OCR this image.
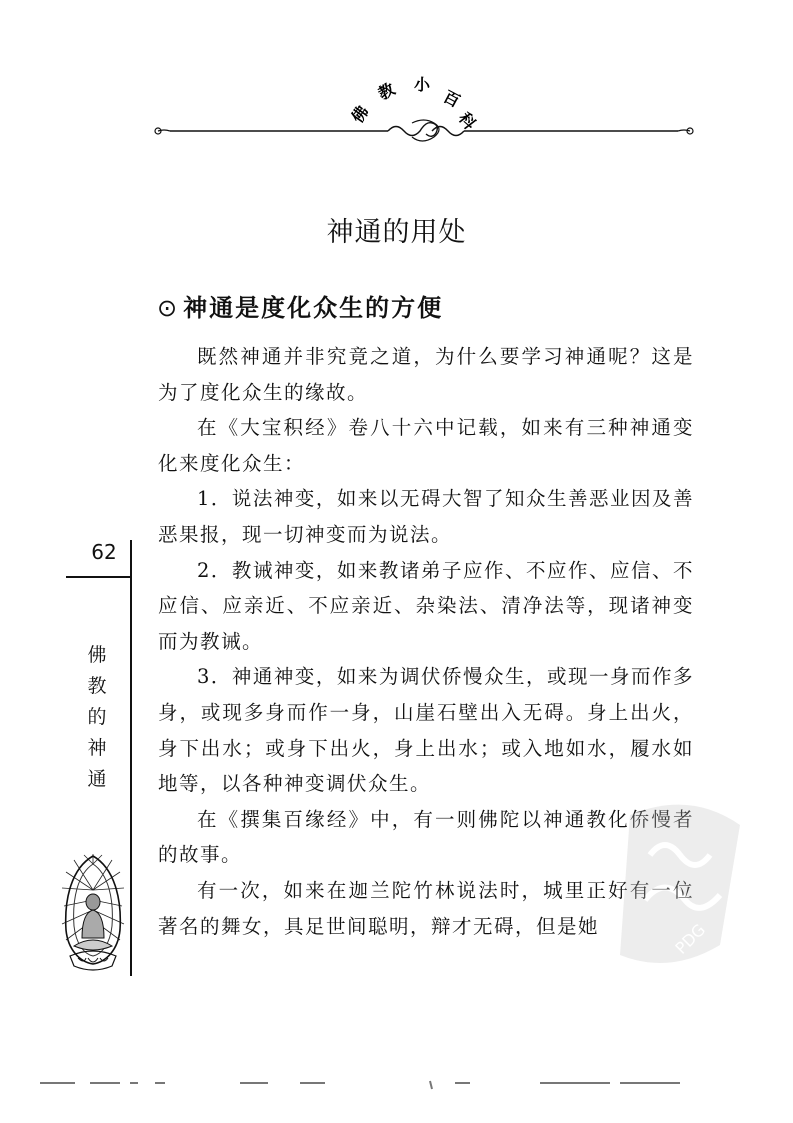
佛
教 小
百
科
神通的用处
⊙ 神通是度化众生的方便

既然神通并非究竟之道，为什么要学习神通呢？这是为了度化众生的缘故。

在《大宝积经》卷八十六中记载，如来有三种神通变化来度化众生：

1．说法神变，如来以无碍大智了知众生善恶业因及善恶果报，现一切神变而为说法。

2．教诫神变，如来教诸弟子应作、不应作、应信、不应信、应亲近、不应亲近、杂染法、清净法等，现诸神变而为教诫。

3．神通神变，如来为调伏侨慢众生，或现一身而作多身，或现多身而作一身，山崖石壁出入无碍。身上出火，身下出水；或身下出火，身上出水；或入地如水，履水如地等，以各种神变调伏众生。

在《撰集百缘经》中，有一则佛陀以神通教化侨慢者的故事。

有一次，如来在迦兰陀竹林说法时，城里正好有一位著名的舞女，具足世间聪明，辩才无碍，但是她

62
佛
教
的
神
通
PDG
